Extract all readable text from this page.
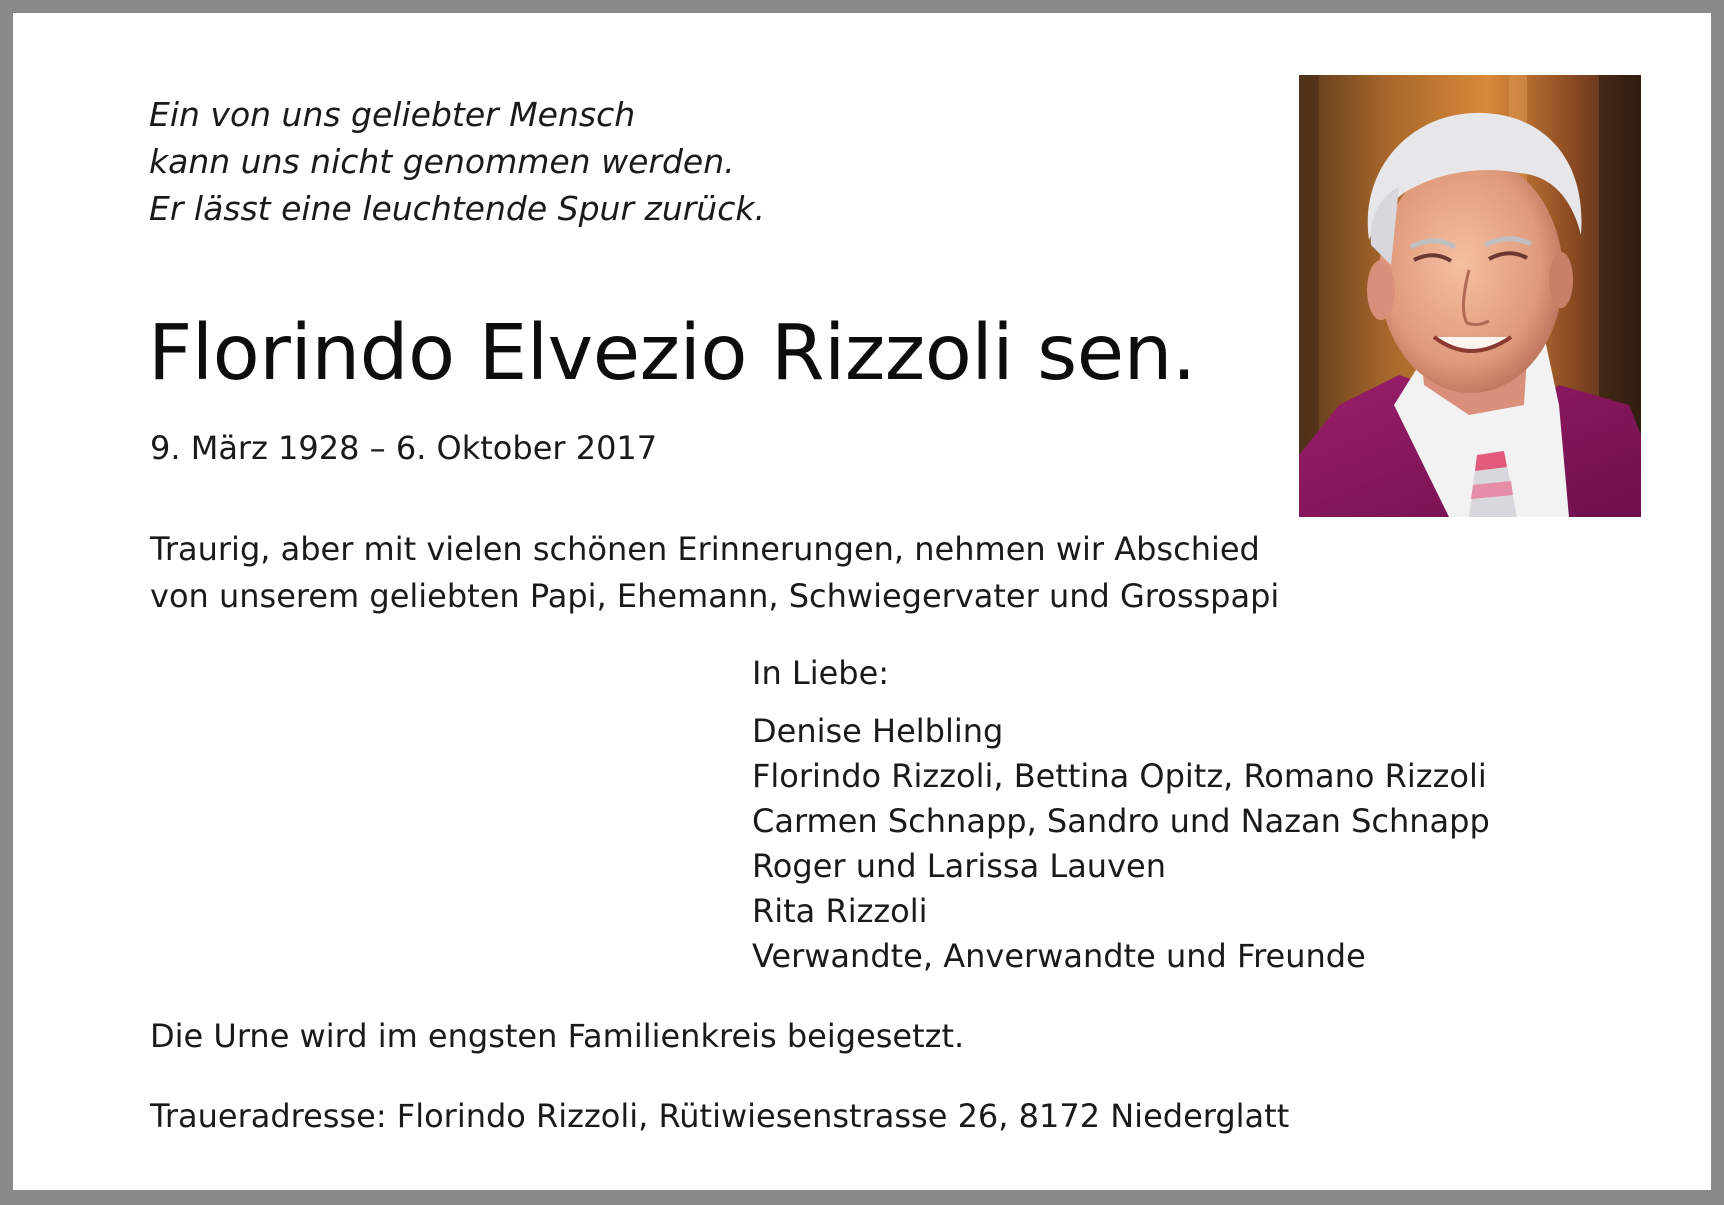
Ein von uns geliebter Mensch
kann uns nicht genommen werden.
Er lässt eine leuchtende Spur zurück.
Florindo Elvezio Rizzoli sen.
9. März 1928 – 6. Oktober 2017
Traurig, aber mit vielen schönen Erinnerungen, nehmen wir Abschied
von unserem geliebten Papi, Ehemann, Schwiegervater und Grosspapi
In Liebe:
Denise Helbling
Florindo Rizzoli, Bettina Opitz, Romano Rizzoli
Carmen Schnapp, Sandro und Nazan Schnapp
Roger und Larissa Lauven
Rita Rizzoli
Verwandte, Anverwandte und Freunde
Die Urne wird im engsten Familienkreis beigesetzt.
Traueradresse: Florindo Rizzoli, Rütiwiesenstrasse 26, 8172 Niederglatt
